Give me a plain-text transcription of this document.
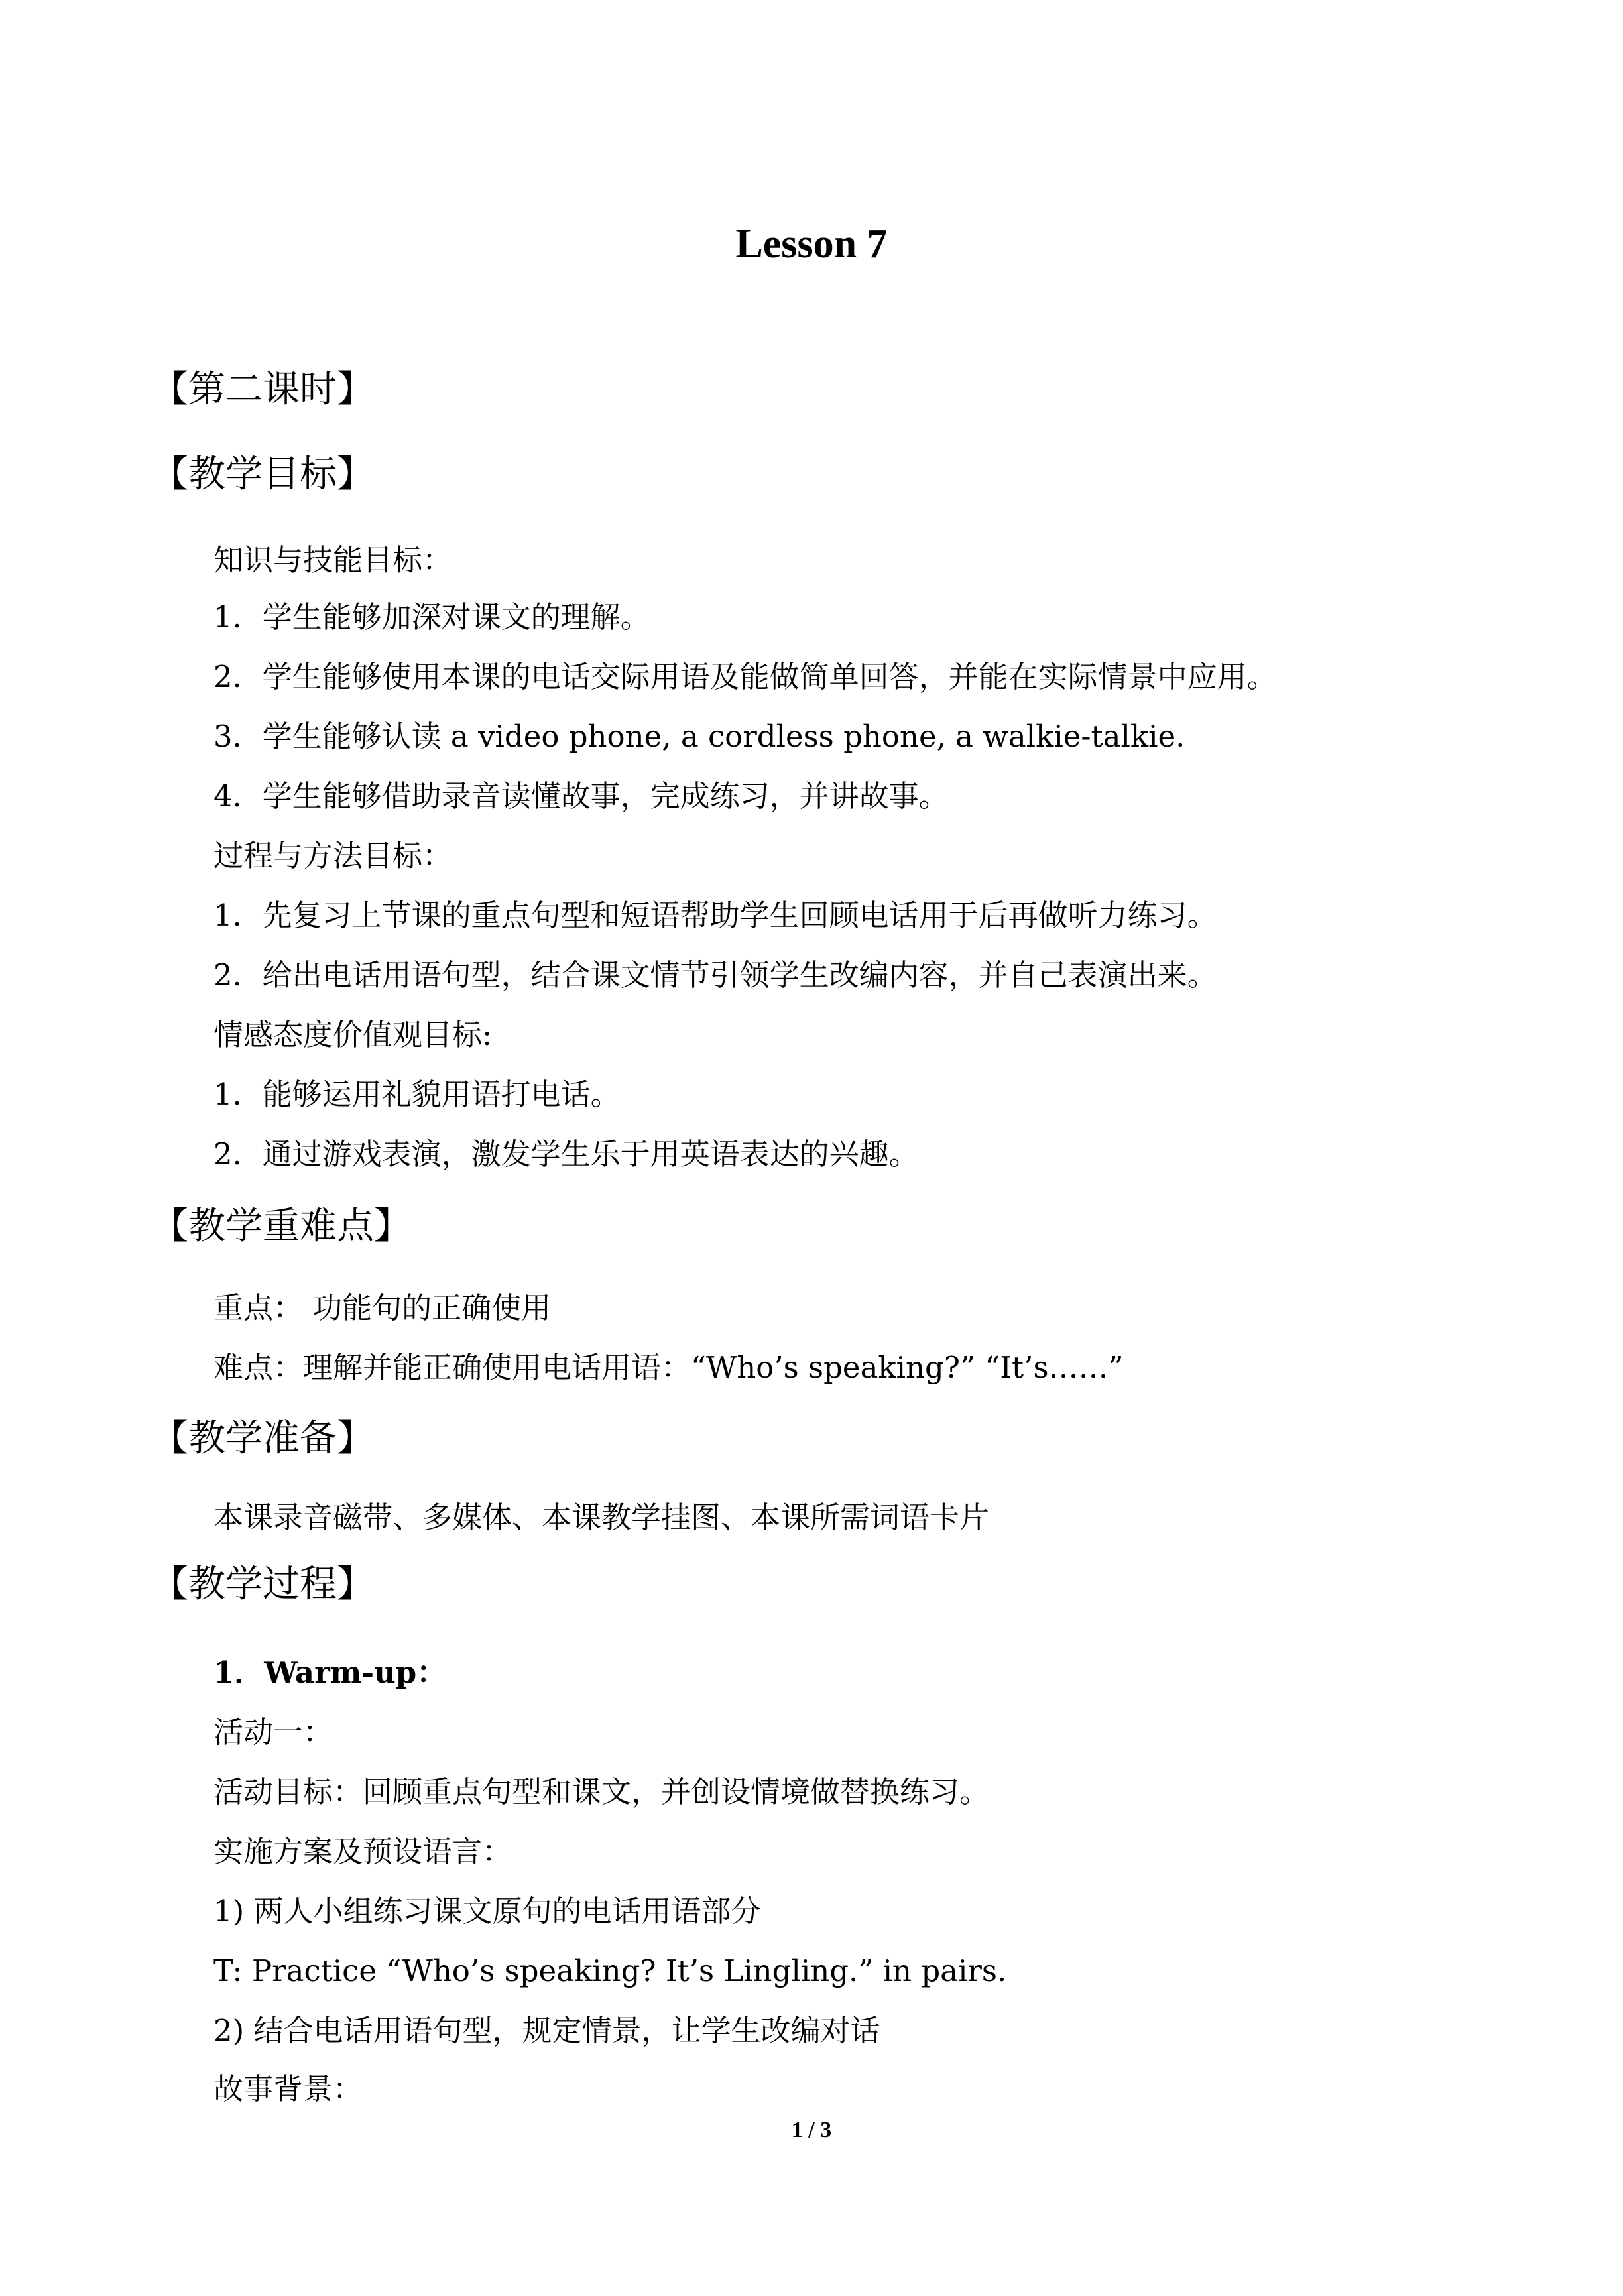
Lesson 7
【第二课时】
【教学目标】
知识与技能目标：
1．学生能够加深对课文的理解。
2．学生能够使用本课的电话交际用语及能做简单回答，并能在实际情景中应用。
3．学生能够认读 a video phone, a cordless phone, a walkie-talkie.
4．学生能够借助录音读懂故事，完成练习，并讲故事。
过程与方法目标：
1．先复习上节课的重点句型和短语帮助学生回顾电话用于后再做听力练习。
2．给出电话用语句型，结合课文情节引领学生改编内容，并自己表演出来。
情感态度价值观目标:
1．能够运用礼貌用语打电话。
2．通过游戏表演，激发学生乐于用英语表达的兴趣。
【教学重难点】
重点： 功能句的正确使用
难点：理解并能正确使用电话用语：“Who’s speaking?” “It’s……”
【教学准备】
本课录音磁带、多媒体、本课教学挂图、本课所需词语卡片
【教学过程】
1．Warm-up：
活动一：
活动目标：回顾重点句型和课文，并创设情境做替换练习。
实施方案及预设语言：
1) 两人小组练习课文原句的电话用语部分
T: Practice “Who’s speaking? It’s Lingling.” in pairs.
2) 结合电话用语句型，规定情景，让学生改编对话
故事背景：
1 / 3
